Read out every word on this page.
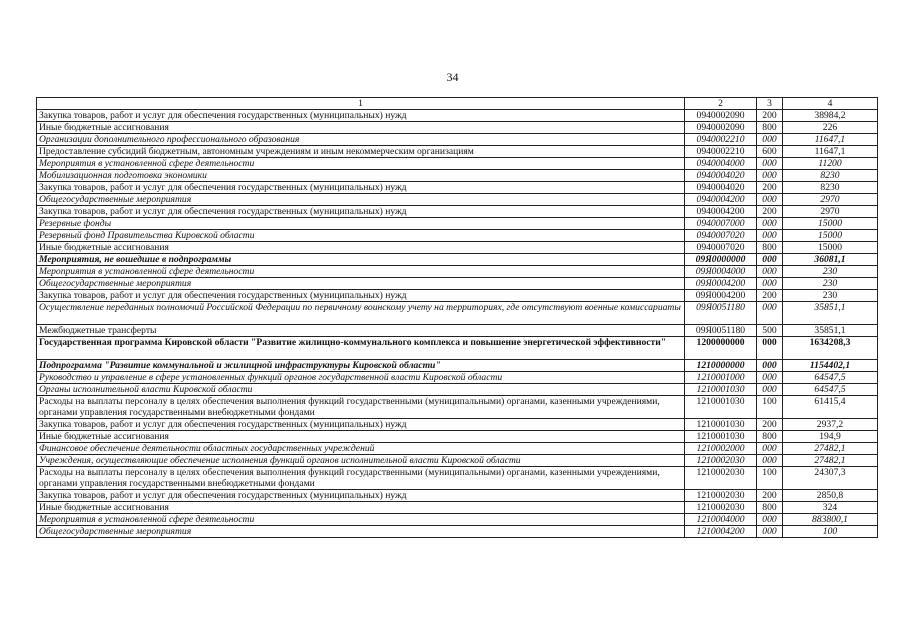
34
1	2	3	4
Закупка товаров, работ и услуг для обеспечения государственных (муниципальных) нужд	0940002090	200	38984,2
Иные бюджетные ассигнования	0940002090	800	226
Организации дополнительного профессионального образования	0940002210	000	11647,1
Предоставление субсидий бюджетным, автономным учреждениям и иным некоммерческим организациям	0940002210	600	11647,1
Мероприятия в установленной сфере деятельности	0940004000	000	11200
Мобилизационная подготовка экономики	0940004020	000	8230
Закупка товаров, работ и услуг для обеспечения государственных (муниципальных) нужд	0940004020	200	8230
Общегосударственные мероприятия	0940004200	000	2970
Закупка товаров, работ и услуг для обеспечения государственных (муниципальных) нужд	0940004200	200	2970
Резервные фонды	0940007000	000	15000
Резервный фонд Правительства Кировской области	0940007020	000	15000
Иные бюджетные ассигнования	0940007020	800	15000
Мероприятия, не вошедшие в подпрограммы	09Я0000000	000	36081,1
Мероприятия в установленной сфере деятельности	09Я0004000	000	230
Общегосударственные мероприятия	09Я0004200	000	230
Закупка товаров, работ и услуг для обеспечения государственных (муниципальных) нужд	09Я0004200	200	230
Осуществление переданных полномочий Российской Федерации по первичному воинскому учету на территориях, где отсутствуют военные комиссариаты	09Я0051180	000	35851,1
Межбюджетные трансферты	09Я0051180	500	35851,1
Государственная программа Кировской области "Развитие жилищно-коммунального комплекса и повышение энергетической эффективности"	1200000000	000	1634208,3
Подпрограмма "Развитие коммунальной и жилищной инфраструктуры Кировской области"	1210000000	000	1154402,1
Руководство и управление в сфере установленных функций органов государственной власти Кировской области	1210001000	000	64547,5
Органы исполнительной власти Кировской области	1210001030	000	64547,5
Расходы на выплаты персоналу в целях обеспечения выполнения функций государственными (муниципальными) органами, казенными учреждениями, органами управления государственными внебюджетными фондами	1210001030	100	61415,4
Закупка товаров, работ и услуг для обеспечения государственных (муниципальных) нужд	1210001030	200	2937,2
Иные бюджетные ассигнования	1210001030	800	194,9
Финансовое обеспечение деятельности областных государственных учреждений	1210002000	000	27482,1
Учреждения, осуществляющие обеспечение исполнения функций органов исполнительной власти Кировской области	1210002030	000	27482,1
Расходы на выплаты персоналу в целях обеспечения выполнения функций государственными (муниципальными) органами, казенными учреждениями, органами управления государственными внебюджетными фондами	1210002030	100	24307,3
Закупка товаров, работ и услуг для обеспечения государственных (муниципальных) нужд	1210002030	200	2850,8
Иные бюджетные ассигнования	1210002030	800	324
Мероприятия в установленной сфере деятельности	1210004000	000	883800,1
Общегосударственные мероприятия	1210004200	000	100
